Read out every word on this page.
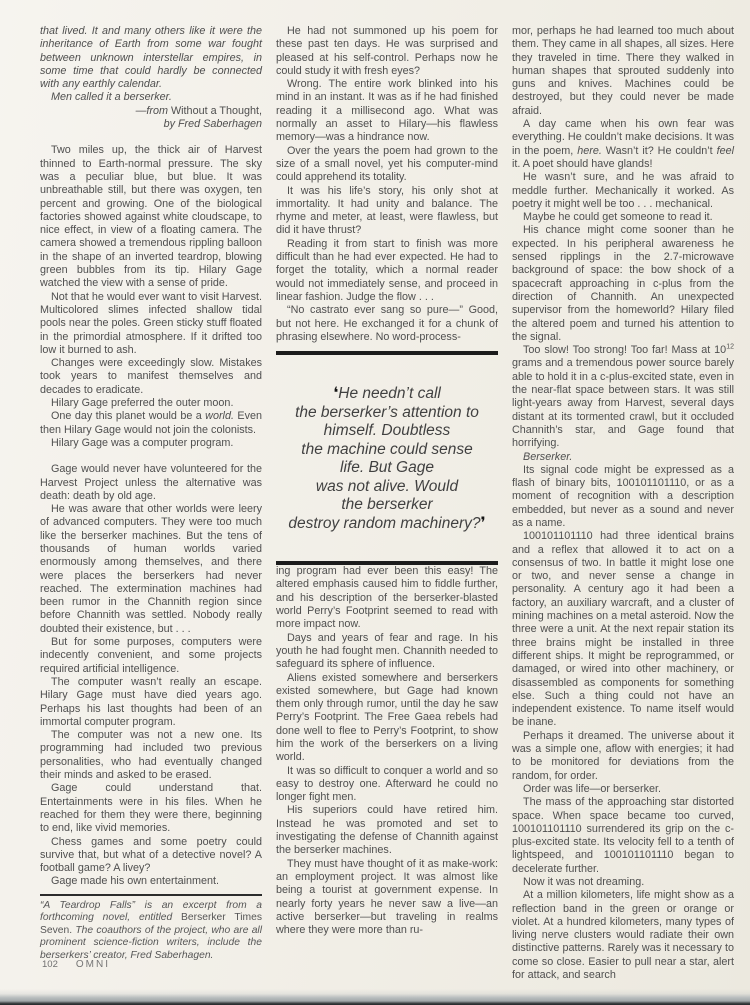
that lived. It and many others like it were the inheritance of Earth from some war fought between unknown interstellar empires, in some time that could hardly be connected with any earthly calendar.

Men called it a berserker.

—from Without a Thought,

by Fred Saberhagen

Two miles up, the thick air of Harvest thinned to Earth-normal pressure. The sky was a peculiar blue, but blue. It was unbreathable still, but there was oxygen, ten percent and growing. One of the biological factories showed against white cloudscape, to nice effect, in view of a floating camera. The camera showed a tremendous rippling balloon in the shape of an inverted teardrop, blowing green bubbles from its tip. Hilary Gage watched the view with a sense of pride.

Not that he would ever want to visit Harvest. Multicolored slimes infected shallow tidal pools near the poles. Green sticky stuff floated in the primordial atmosphere. If it drifted too low it burned to ash.

Changes were exceedingly slow. Mistakes took years to manifest themselves and decades to eradicate.

Hilary Gage preferred the outer moon.

One day this planet would be a world. Even then Hilary Gage would not join the colonists.

Hilary Gage was a computer program.

Gage would never have volunteered for the Harvest Project unless the alternative was death: death by old age.

He was aware that other worlds were leery of advanced computers. They were too much like the berserker machines. But the tens of thousands of human worlds varied enormously among themselves, and there were places the berserkers had never reached. The extermination machines had been rumor in the Channith region since before Channith was settled. Nobody really doubted their existence, but . . .

But for some purposes, computers were indecently convenient, and some projects required artificial intelligence.

The computer wasn’t really an escape. Hilary Gage must have died years ago. Perhaps his last thoughts had been of an immortal computer program.

The computer was not a new one. Its programming had included two previous personalities, who had eventually changed their minds and asked to be erased.

Gage could understand that. Entertainments were in his files. When he reached for them they were there, beginning to end, like vivid memories.

Chess games and some poetry could survive that, but what of a detective novel? A football game? A livey?

Gage made his own entertainment.

“A Teardrop Falls” is an excerpt from a forthcoming novel, entitled Berserker Times Seven. The coauthors of the project, who are all prominent science-fiction writers, include the berserkers’ creator, Fred Saberhagen.

He had not summoned up his poem for these past ten days. He was surprised and pleased at his self-control. Perhaps now he could study it with fresh eyes?

Wrong. The entire work blinked into his mind in an instant. It was as if he had finished reading it a millisecond ago. What was normally an asset to Hilary—his flawless memory—was a hindrance now.

Over the years the poem had grown to the size of a small novel, yet his computer-mind could apprehend its totality.

It was his life’s story, his only shot at immortality. It had unity and balance. The rhyme and meter, at least, were flawless, but did it have thrust?

Reading it from start to finish was more difficult than he had ever expected. He had to forget the totality, which a normal reader would not immediately sense, and proceed in linear fashion. Judge the flow . . .

“No castrato ever sang so pure—” Good, but not here. He exchanged it for a chunk of phrasing elsewhere. No word-process-

❛He needn’t call
the berserker’s attention to
himself. Doubtless
the machine could sense
life. But Gage
was not alive. Would
the berserker
destroy random machinery?❜

ing program had ever been this easy! The altered emphasis caused him to fiddle further, and his description of the berserker-blasted world Perry’s Footprint seemed to read with more impact now.

Days and years of fear and rage. In his youth he had fought men. Channith needed to safeguard its sphere of influence.

Aliens existed somewhere and berserkers existed somewhere, but Gage had known them only through rumor, until the day he saw Perry’s Footprint. The Free Gaea rebels had done well to flee to Perry’s Footprint, to show him the work of the berserkers on a living world.

It was so difficult to conquer a world and so easy to destroy one. Afterward he could no longer fight men.

His superiors could have retired him. Instead he was promoted and set to investigating the defense of Channith against the berserker machines.

They must have thought of it as make-work: an employment project. It was almost like being a tourist at government expense. In nearly forty years he never saw a live—an active berserker—but traveling in realms where they were more than ru-

mor, perhaps he had learned too much about them. They came in all shapes, all sizes. Here they traveled in time. There they walked in human shapes that sprouted suddenly into guns and knives. Machines could be destroyed, but they could never be made afraid.

A day came when his own fear was everything. He couldn’t make decisions. It was in the poem, here. Wasn’t it? He couldn’t feel it. A poet should have glands!

He wasn’t sure, and he was afraid to meddle further. Mechanically it worked. As poetry it might well be too . . . mechanical.

Maybe he could get someone to read it.

His chance might come sooner than he expected. In his peripheral awareness he sensed ripplings in the 2.7-microwave background of space: the bow shock of a spacecraft approaching in c-plus from the direction of Channith. An unexpected supervisor from the homeworld? Hilary filed the altered poem and turned his attention to the signal.

Too slow! Too strong! Too far! Mass at $10^{12}$ grams and a tremendous power source barely able to hold it in a c-plus-excited state, even in the near-flat space between stars. It was still light-years away from Harvest, several days distant at its tormented crawl, but it occluded Channith’s star, and Gage found that horrifying.

Berserker.

Its signal code might be expressed as a flash of binary bits, 100101101110, or as a moment of recognition with a description embedded, but never as a sound and never as a name.

100101101110 had three identical brains and a reflex that allowed it to act on a consensus of two. In battle it might lose one or two, and never sense a change in personality. A century ago it had been a factory, an auxiliary warcraft, and a cluster of mining machines on a metal asteroid. Now the three were a unit. At the next repair station its three brains might be installed in three different ships. It might be reprogrammed, or damaged, or wired into other machinery, or disassembled as components for something else. Such a thing could not have an independent existence. To name itself would be inane.

Perhaps it dreamed. The universe about it was a simple one, aflow with energies; it had to be monitored for deviations from the random, for order.

Order was life—or berserker.

The mass of the approaching star distorted space. When space became too curved, 100101101110 surrendered its grip on the c-plus-excited state. Its velocity fell to a tenth of lightspeed, and 100101101110 began to decelerate further.

Now it was not dreaming.

At a million kilometers, life might show as a reflection band in the green or orange or violet. At a hundred kilometers, many types of living nerve clusters would radiate their own distinctive patterns. Rarely was it necessary to come so close. Easier to pull near a star, alert for attack, and search

102 OMNI
